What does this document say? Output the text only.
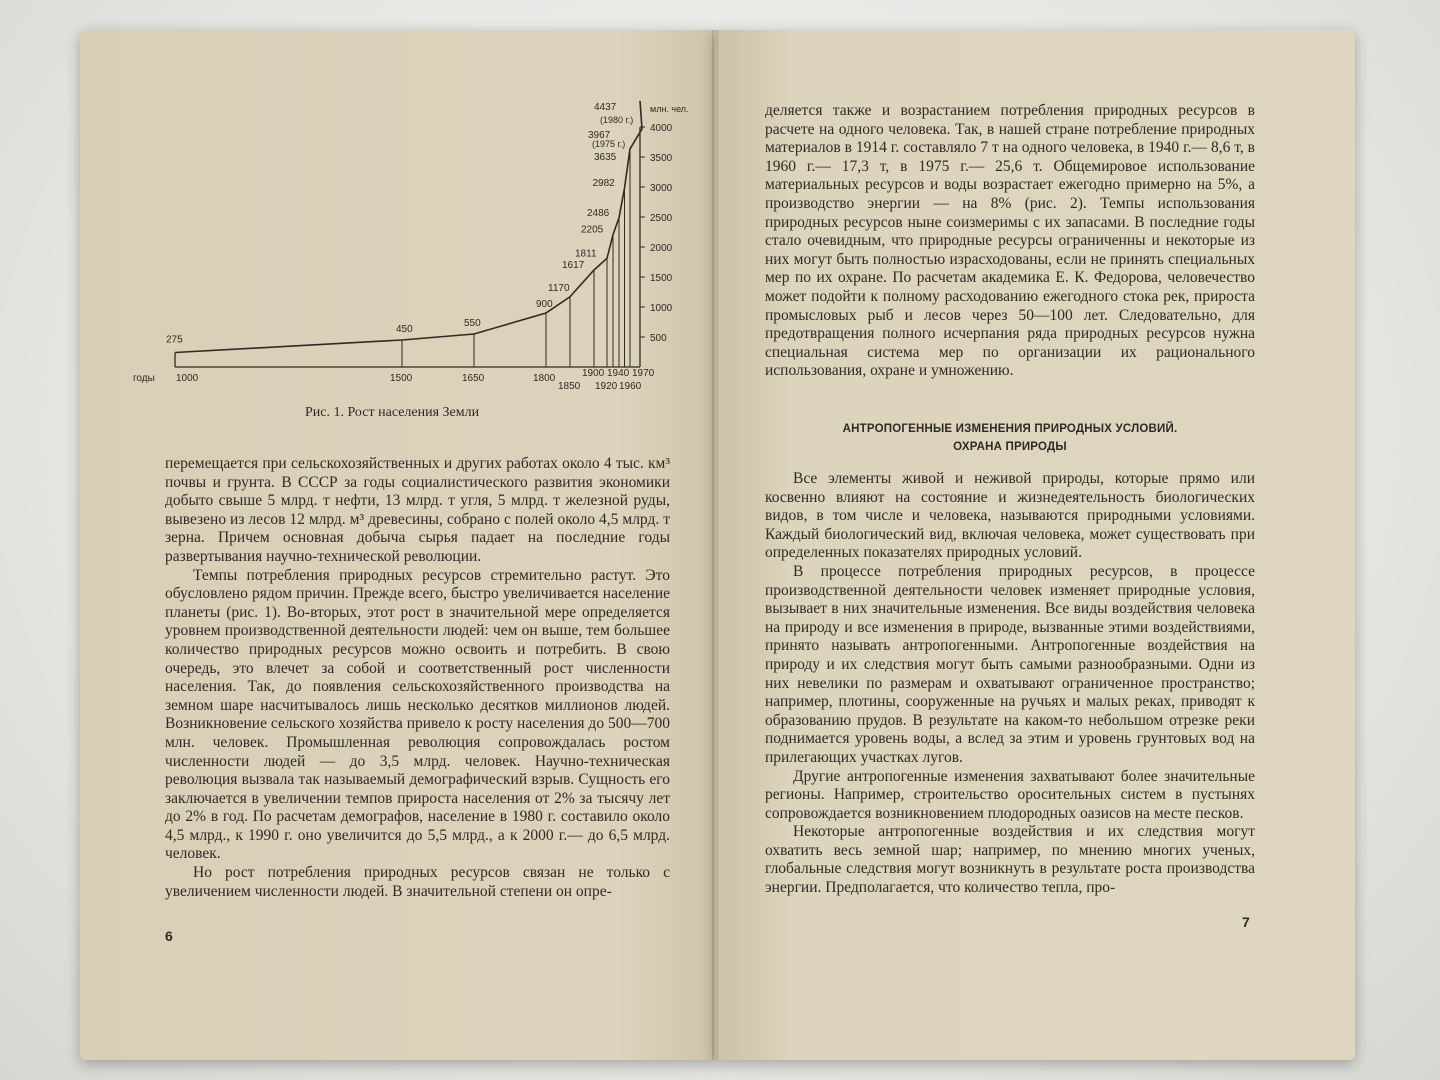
500
1000
1500
2000
2500
3000
3500
4000
млн. чел.
275
450
550
900
1170
1617
1811
2205
2486
2982
3635
3967
4437
(1975 г.)
(1980 г.)
годы 1000	1500	1650	1800
1850
1900
1920
1940
1960
1970
Рис. 1. Рост населения Земли

перемещается при сельскохозяйственных и других работах около 4 тыс. км³ почвы и грунта. В СССР за годы социалистического развития экономики добыто свыше 5 млрд. т нефти, 13 млрд. т угля, 5 млрд. т железной руды, вывезено из лесов 12 млрд. м³ древесины, собрано с полей около 4,5 млрд. т зерна. Причем основная добыча сырья падает на последние годы развертывания научно-технической революции.

Темпы потребления природных ресурсов стремительно растут. Это обусловлено рядом причин. Прежде всего, быстро увеличивается население планеты (рис. 1). Во-вторых, этот рост в значительной мере определяется уровнем производственной деятельности людей: чем он выше, тем большее количество природных ресурсов можно освоить и потребить. В свою очередь, это влечет за собой и соответственный рост численности населения. Так, до появления сельскохозяйственного производства на земном шаре насчитывалось лишь несколько десятков миллионов людей. Возникновение сельского хозяйства привело к росту населения до 500—700 млн. человек. Промышленная революция сопровождалась ростом численности людей — до 3,5 млрд. человек. Научно-техническая революция вызвала так называемый демографический взрыв. Сущность его заключается в увеличении темпов прироста населения от 2% за тысячу лет до 2% в год. По расчетам демографов, население в 1980 г. составило около 4,5 млрд., к 1990 г. оно увеличится до 5,5 млрд., а к 2000 г.— до 6,5 млрд. человек.

Но рост потребления природных ресурсов связан не только с увеличением численности людей. В значительной степени он опре-

6

деляется также и возрастанием потребления природных ресурсов в расчете на одного человека. Так, в нашей стране потребление природных материалов в 1914 г. составляло 7 т на одного человека, в 1940 г.— 8,6 т, в 1960 г.— 17,3 т, в 1975 г.— 25,6 т. Общемировое использование материальных ресурсов и воды возрастает ежегодно примерно на 5%, а производство энергии — на 8% (рис. 2). Темпы использования природных ресурсов ныне соизмеримы с их запасами. В последние годы стало очевидным, что природные ресурсы ограниченны и некоторые из них могут быть полностью израсходованы, если не принять специальных мер по их охране. По расчетам академика Е. К. Федорова, человечество может подойти к полному расходованию ежегодного стока рек, прироста промысловых рыб и лесов через 50—100 лет. Следовательно, для предотвращения полного исчерпания ряда природных ресурсов нужна специальная система мер по организации их рационального использования, охране и умножению.

АНТРОПОГЕННЫЕ ИЗМЕНЕНИЯ ПРИРОДНЫХ УСЛОВИЙ.
ОХРАНА ПРИРОДЫ

Все элементы живой и неживой природы, которые прямо или косвенно влияют на состояние и жизнедеятельность биологических видов, в том числе и человека, называются природными условиями. Каждый биологический вид, включая человека, может существовать при определенных показателях природных условий.

В процессе потребления природных ресурсов, в процессе производственной деятельности человек изменяет природные условия, вызывает в них значительные изменения. Все виды воздействия человека на природу и все изменения в природе, вызванные этими воздействиями, принято называть антропогенными. Антропогенные воздействия на природу и их следствия могут быть самыми разнообразными. Одни из них невелики по размерам и охватывают ограниченное пространство; например, плотины, сооруженные на ручьях и малых реках, приводят к образованию прудов. В результате на каком-то небольшом отрезке реки поднимается уровень воды, а вслед за этим и уровень грунтовых вод на прилегающих участках лугов.

Другие антропогенные изменения захватывают более значительные регионы. Например, строительство оросительных систем в пустынях сопровождается возникновением плодородных оазисов на месте песков.

Некоторые антропогенные воздействия и их следствия могут охватить весь земной шар; например, по мнению многих ученых, глобальные следствия могут возникнуть в результате роста производства энергии. Предполагается, что количество тепла, про-

7
